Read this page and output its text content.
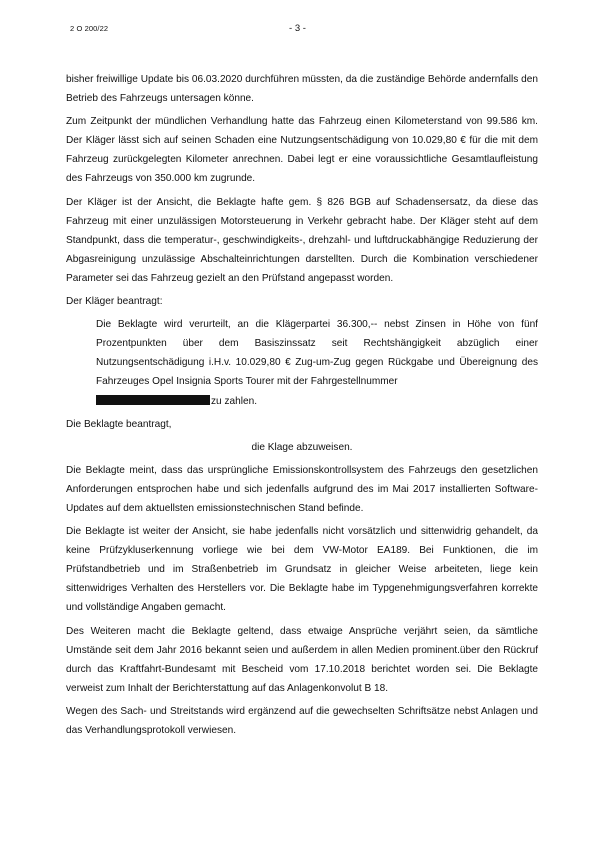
2 O 200/22	- 3 -

bisher freiwillige Update bis 06.03.2020 durchführen müssten, da die zuständige Behörde andernfalls den Betrieb des Fahrzeugs untersagen könne.

Zum Zeitpunkt der mündlichen Verhandlung hatte das Fahrzeug einen Kilometerstand von 99.586 km. Der Kläger lässt sich auf seinen Schaden eine Nutzungsentschädigung von 10.029,80 € für die mit dem Fahrzeug zurückgelegten Kilometer anrechnen. Dabei legt er eine voraussichtliche Gesamtlaufleistung des Fahrzeugs von 350.000 km zugrunde.

Der Kläger ist der Ansicht, die Beklagte hafte gem. § 826 BGB auf Schadensersatz, da diese das Fahrzeug mit einer unzulässigen Motorsteuerung in Verkehr gebracht habe. Der Kläger steht auf dem Standpunkt, dass die temperatur-, geschwindigkeits-, drehzahl- und luftdruckabhängige Reduzierung der Abgasreinigung unzulässige Abschalteinrichtungen darstellten. Durch die Kombination verschiedener Parameter sei das Fahrzeug gezielt an den Prüfstand angepasst worden.

Der Kläger beantragt:

Die Beklagte wird verurteilt, an die Klägerpartei 36.300,-- nebst Zinsen in Höhe von fünf Prozentpunkten über dem Basiszinssatz seit Rechtshängigkeit abzüglich einer Nutzungsentschädigung i.H.v. 10.029,80 € Zug-um-Zug gegen Rückgabe und Übereignung des Fahrzeuges Opel Insignia Sports Tourer mit der Fahrgestellnummer
zu zahlen.

Die Beklagte beantragt,

die Klage abzuweisen.

Die Beklagte meint, dass das ursprüngliche Emissionskontrollsystem des Fahrzeugs den gesetzlichen Anforderungen entsprochen habe und sich jedenfalls aufgrund des im Mai 2017 installierten Software-Updates auf dem aktuellsten emissionstechnischen Stand befinde.

Die Beklagte ist weiter der Ansicht, sie habe jedenfalls nicht vorsätzlich und sittenwidrig gehandelt, da keine Prüfzykluserkennung vorliege wie bei dem VW-Motor EA189. Bei Funktionen, die im Prüfstandbetrieb und im Straßenbetrieb im Grundsatz in gleicher Weise arbeiteten, liege kein sittenwidriges Verhalten des Herstellers vor. Die Beklagte habe im Typgenehmigungsverfahren korrekte und vollständige Angaben gemacht.

Des Weiteren macht die Beklagte geltend, dass etwaige Ansprüche verjährt seien, da sämtliche Umstände seit dem Jahr 2016 bekannt seien und außerdem in allen Medien prominent.über den Rückruf durch das Kraftfahrt-Bundesamt mit Bescheid vom 17.10.2018 berichtet worden sei. Die Beklagte verweist zum Inhalt der Berichterstattung auf das Anlagenkonvolut B 18.

Wegen des Sach- und Streitstands wird ergänzend auf die gewechselten Schriftsätze nebst Anlagen und das Verhandlungsprotokoll verwiesen.
